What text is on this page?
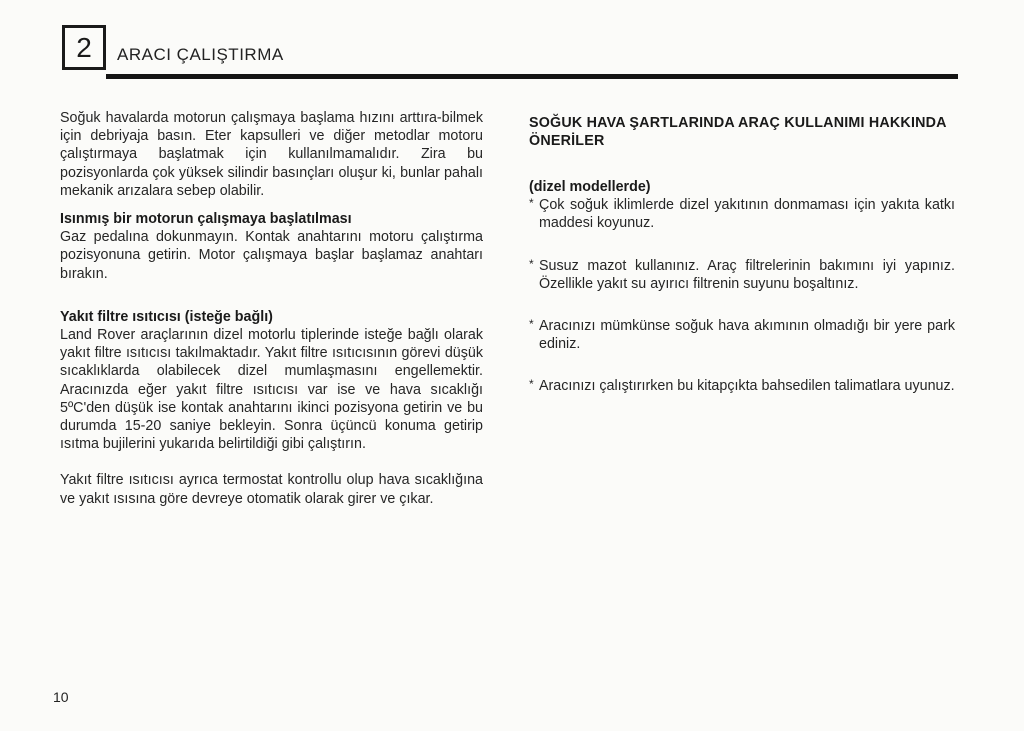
2 ARACI ÇALIŞTIRMA

Soğuk havalarda motorun çalışmaya başlama hızını arttıra-bilmek için debriyaja basın. Eter kapsulleri ve diğer metodlar motoru çalıştırmaya başlatmak için kullanılmamalıdır. Zira bu pozisyonlarda çok yüksek silindir basınçları oluşur ki, bunlar pahalı mekanik arızalara sebep olabilir.

Isınmış bir motorun çalışmaya başlatılması

Gaz pedalına dokunmayın. Kontak anahtarını motoru çalıştırma pozisyonuna getirin. Motor çalışmaya başlar başlamaz anahtarı bırakın.

Yakıt filtre ısıtıcısı (isteğe bağlı)

Land Rover araçlarının dizel motorlu tiplerinde isteğe bağlı olarak yakıt filtre ısıtıcısı takılmaktadır. Yakıt filtre ısıtıcısının görevi düşük sıcaklıklarda olabilecek dizel mumlaşmasını engellemektir. Aracınızda eğer yakıt filtre ısıtıcısı var ise ve hava sıcaklığı 5ºC'den düşük ise kontak anahtarını ikinci pozisyona getirin ve bu durumda 15-20 saniye bekleyin. Sonra üçüncü konuma getirip ısıtma bujilerini yukarıda belirtildiği gibi çalıştırın.

Yakıt filtre ısıtıcısı ayrıca termostat kontrollu olup hava sıcaklığına ve yakıt ısısına göre devreye otomatik olarak girer ve çıkar.

SOĞUK HAVA ŞARTLARINDA ARAÇ KULLANIMI HAKKINDA ÖNERİLER
(dizel modellerde)
* Çok soğuk iklimlerde dizel yakıtının donmaması için yakıta katkı maddesi koyunuz.
* Susuz mazot kullanınız. Araç filtrelerinin bakımını iyi yapınız. Özellikle yakıt su ayırıcı filtrenin suyunu boşaltınız.
* Aracınızı mümkünse soğuk hava akımının olmadığı bir yere park ediniz.
* Aracınızı çalıştırırken bu kitapçıkta bahsedilen talimatlara uyunuz.
10
